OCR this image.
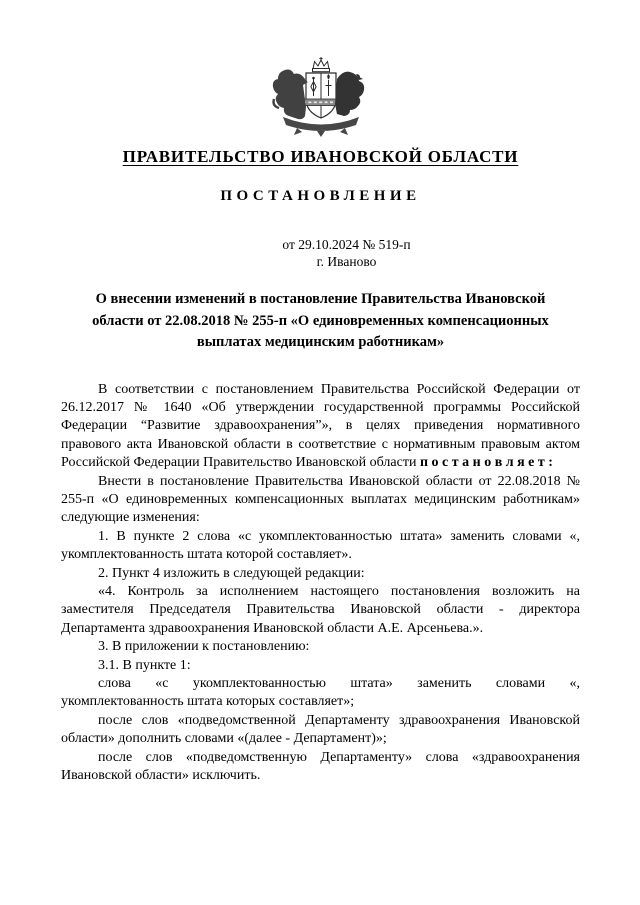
ПРАВИТЕЛЬСТВО ИВАНОВСКОЙ ОБЛАСТИ
ПОСТАНОВЛЕНИЕ
от 29.10.2024 № 519-п
г. Иваново
О внесении изменений в постановление Правительства Ивановской области от 22.08.2018 № 255-п «О единовременных компенсационных выплатах медицинским работникам»

В соответствии с постановлением Правительства Российской Федерации от 26.12.2017 № 1640 «Об утверждении государственной программы Российской Федерации “Развитие здравоохранения”», в целях приведения нормативного правового акта Ивановской области в соответствие с нормативным правовым актом Российской Федерации Правительство Ивановской области п о с т а н о в л я е т :

Внести в постановление Правительства Ивановской области от 22.08.2018 № 255-п «О единовременных компенсационных выплатах медицинским работникам» следующие изменения:

1. В пункте 2 слова «с укомплектованностью штата» заменить словами «, укомплектованность штата которой составляет».

2. Пункт 4 изложить в следующей редакции:

«4. Контроль за исполнением настоящего постановления возложить на заместителя Председателя Правительства Ивановской области - директора Департамента здравоохранения Ивановской области А.Е. Арсеньева.».

3. В приложении к постановлению:

3.1. В пункте 1:

слова «с укомплектованностью штата» заменить словами «, укомплектованность штата которых составляет»;

после слов «подведомственной Департаменту здравоохранения Ивановской области» дополнить словами «(далее - Департамент)»;

после слов «подведомственную Департаменту» слова «здравоохранения Ивановской области» исключить.
